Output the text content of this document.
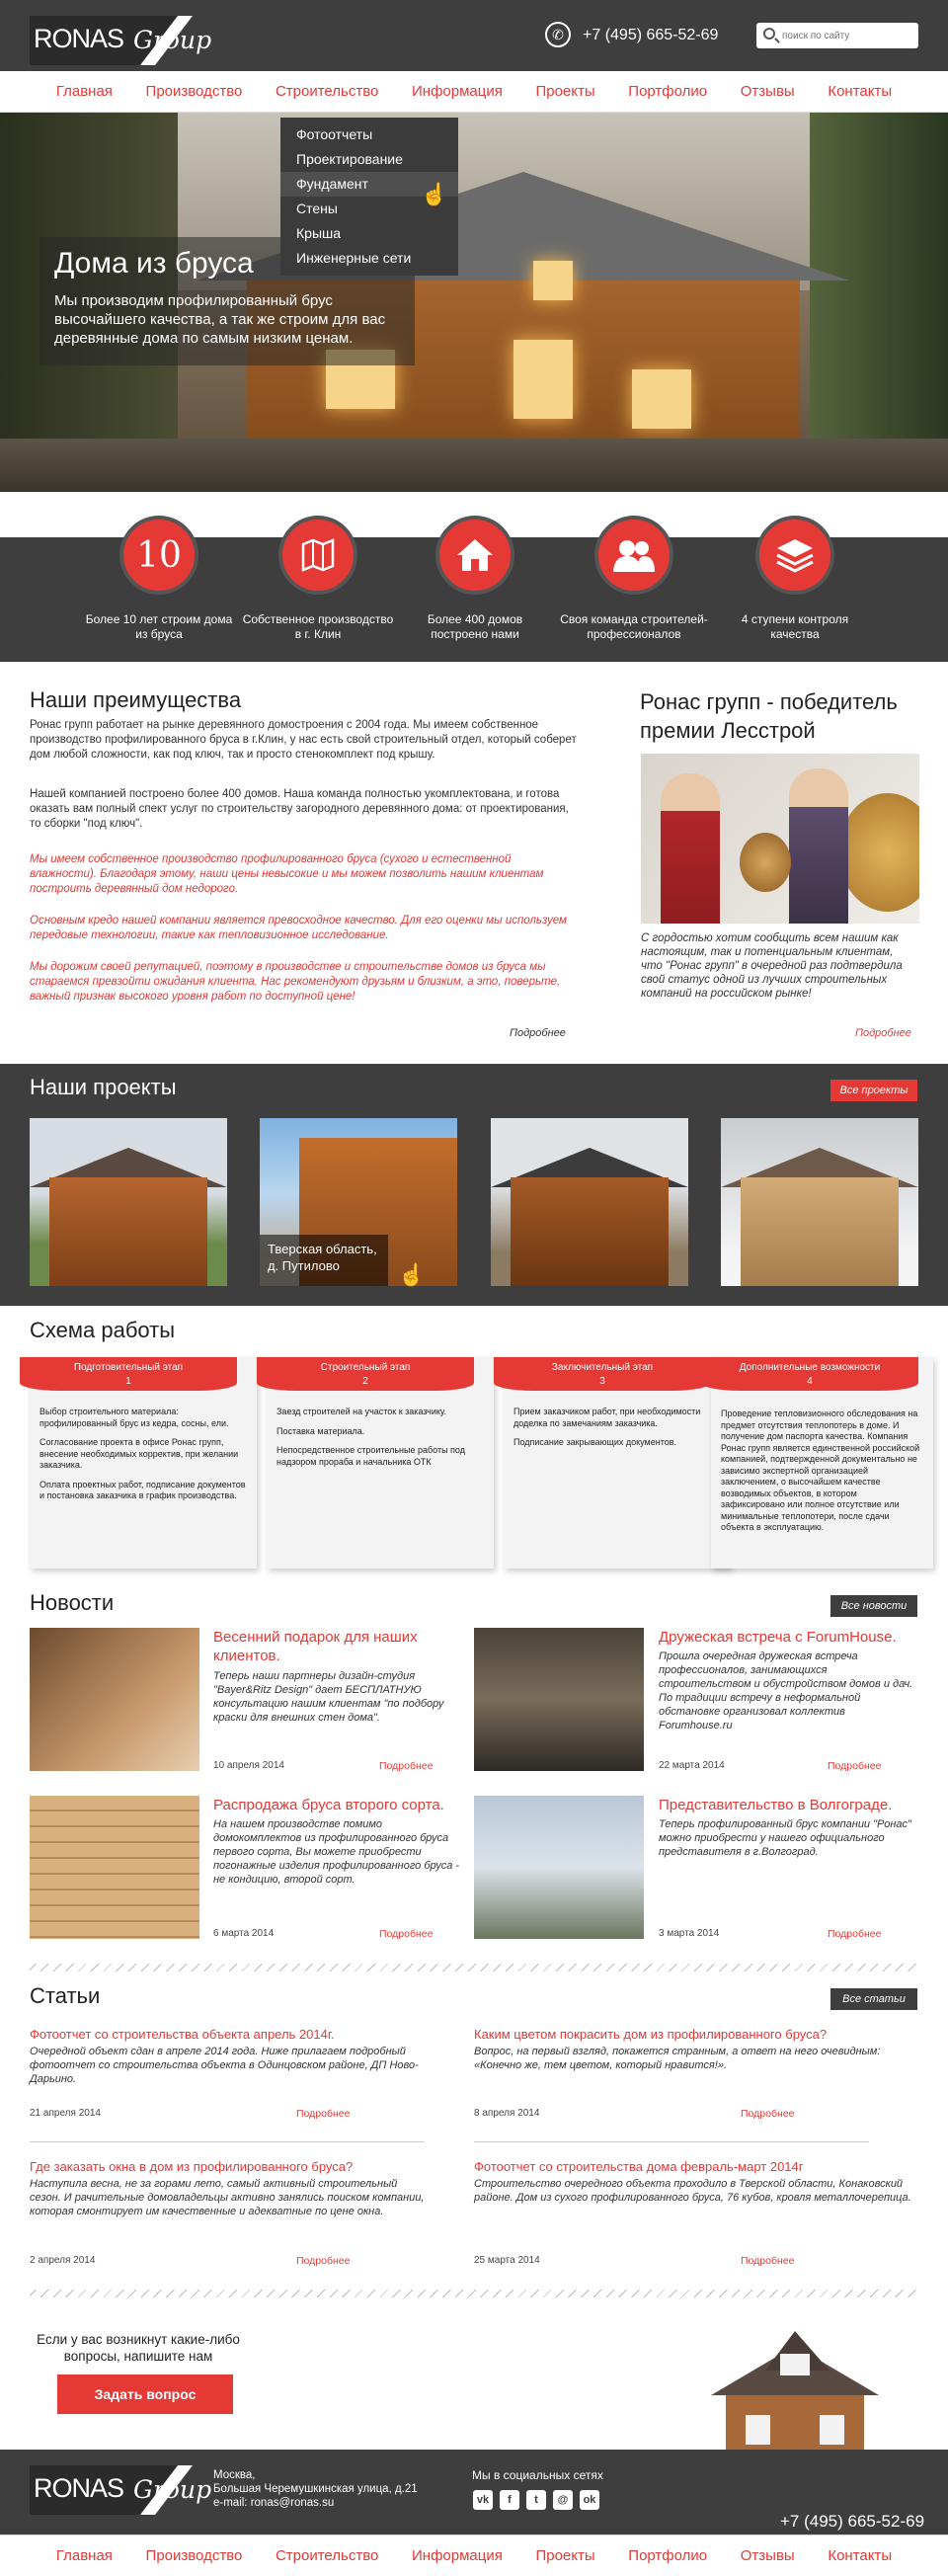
RONAS Group	✆	+7 (495) 665-52-69
поиск по сайту
Главная Производство Строительство Информация Проекты Портфолио Отзывы Контакты
Дома из бруса
Мы производим профилированный брус высочайшего качества, а так же строим для вас деревянные дома по самым низким ценам.
Фотоотчеты
Проектирование
Фундамент
Стены
Крыша
Инженерные сети
☝
10
Более 10 лет строим дома из бруса
Собственное производство в г. Клин
Более 400 домов построено нами
Своя команда строителей-профессионалов
4 ступени контроля качества
Наши преимущества
Ронас групп работает на рынке деревянного домостроения с 2004 года. Мы имеем собственное производство профилированного бруса в г.Клин, у нас есть свой строительный отдел, который соберет дом любой сложности, как под ключ, так и просто стенокомплект под крышу.
Нашей компанией построено более 400 домов. Наша команда полностью укомплектована, и готова оказать вам полный спект услуг по строительству загородного деревянного дома: от проектирования, то сборки "под ключ".
Мы имеем собственное производство профилированного бруса (сухого и естественной влажности). Благодаря этому, наши цены невысокие и мы можем позволить нашим клиентам построить деревянный дом недорого.
Основным кредо нашей компании является превосходное качество. Для его оценки мы используем передовые технологии, такие как тепловизионное исследование.
Мы дорожим своей репутацией, поэтому в производстве и строительстве домов из бруса мы стараемся превзойти ожидания клиента. Нас рекомендуют друзьям и близким, а это, поверьте, важный признак высокого уровня работ по доступной цене!
Подробнее
Ронас групп - победитель премии Лесстрой
С гордостью хотим сообщить всем нашим как настоящим, так и потенциальным клиентам, что "Ронас групп" в очередной раз подтвердила свой статус одной из лучших строительных компаний на российском рынке!
Подробнее
Наши проекты	Все проекты
Тверская область, д. Путилово	☝
Схема работы
Подготовительный этап
1

Выбор строительного материала: профилированный брус из кедра, сосны, ели.

Согласование проекта в офисе Ронас групп, внесение необходимых корректив, при желании заказчика.

Оплата проектных работ, подписание документов и постановка заказчика в график производства.

Строительный этап
2

Заезд строителей на участок к заказчику.

Поставка материала.

Непосредственное строительные работы под надзором прораба и начальника ОТК

Заключительный этап
3

Прием заказчиком работ, при необходимости доделка по замечаниям заказчика.

Подписание закрывающих документов.

Дополнительные возможности
4

Проведение тепловизионного обследования на предмет отсутствия теплопотерь в доме. И получение дом паспорта качества. Компания Ронас групп является единственной российской компанией, подтвержденной документально не зависимо экспертной организацией заключением, о высочайшем качестве возводимых объектов, в котором зафиксировано или полное отсутствие или минимальные теплопотери, после сдачи объекта в эксплуатацию.

Новости	Все новости
Весенний подарок для наших клиентов.
Теперь наши партнеры дизайн-студия "Bayer&Ritz Design" дает БЕСПЛАТНУЮ консультацию нашим клиентам "по подбору краски для внешних стен дома".
10 апреля 2014	Подробнее
Дружеская встреча с ForumHouse.
Прошла очередная дружеская встреча профессионалов, занимающихся строительством и обустройством домов и дач. По традиции встречу в неформальной обстановке организовал коллектив Forumhouse.ru
22 марта 2014	Подробнее
Распродажа бруса второго сорта.
На нашем производстве помимо домокомплектов из профилированного бруса первого сорта, Вы можете приобрести погонажные изделия профилированного бруса - не кондицию, второй сорт.
6 марта 2014	Подробнее
Представительство в Волгограде.
Теперь профилированный брус компании "Ронас" можно приобрести у нашего официального представителя в г.Волгоград.
3 марта 2014	Подробнее
Статьи	Все статьи
Фотоотчет со строительства объекта апрель 2014г.
Очередной объект сдан в апреле 2014 года. Ниже прилагаем подробный фотоотчет со строительства объекта в Одинцовском районе, ДП Ново-Дарьино.
21 апреля 2014	Подробнее
Каким цветом покрасить дом из профилированного бруса?
Вопрос, на первый взгляд, покажется странным, а ответ на него очевидным: «Конечно же, тем цветом, который нравится!».
8 апреля 2014	Подробнее
Где заказать окна в дом из профилированного бруса?
Наступила весна, не за горами лето, самый активный строительный сезон. И рачительные домовладельцы активно занялись поиском компании, которая смонтирует им качественные и адекватные по цене окна.
2 апреля 2014	Подробнее
Фотоотчет со строительства дома февраль-март 2014г
Строительство очередного объекта проходило в Тверской области, Конаковский районе. Дом из сухого профилированного бруса, 76 кубов, кровля металлочерепица.
25 марта 2014	Подробнее
Если у вас возникнут какие-либо вопросы, напишите нам
Задать вопрос
RONAS Group Москва,
Большая Черемушкинская улица, д.21
e-mail: ronas@ronas.su
Мы в социальных сетях
vk	f	t	@	ok
+7 (495) 665-52-69
Главная Производство Строительство Информация Проекты Портфолио Отзывы Контакты
